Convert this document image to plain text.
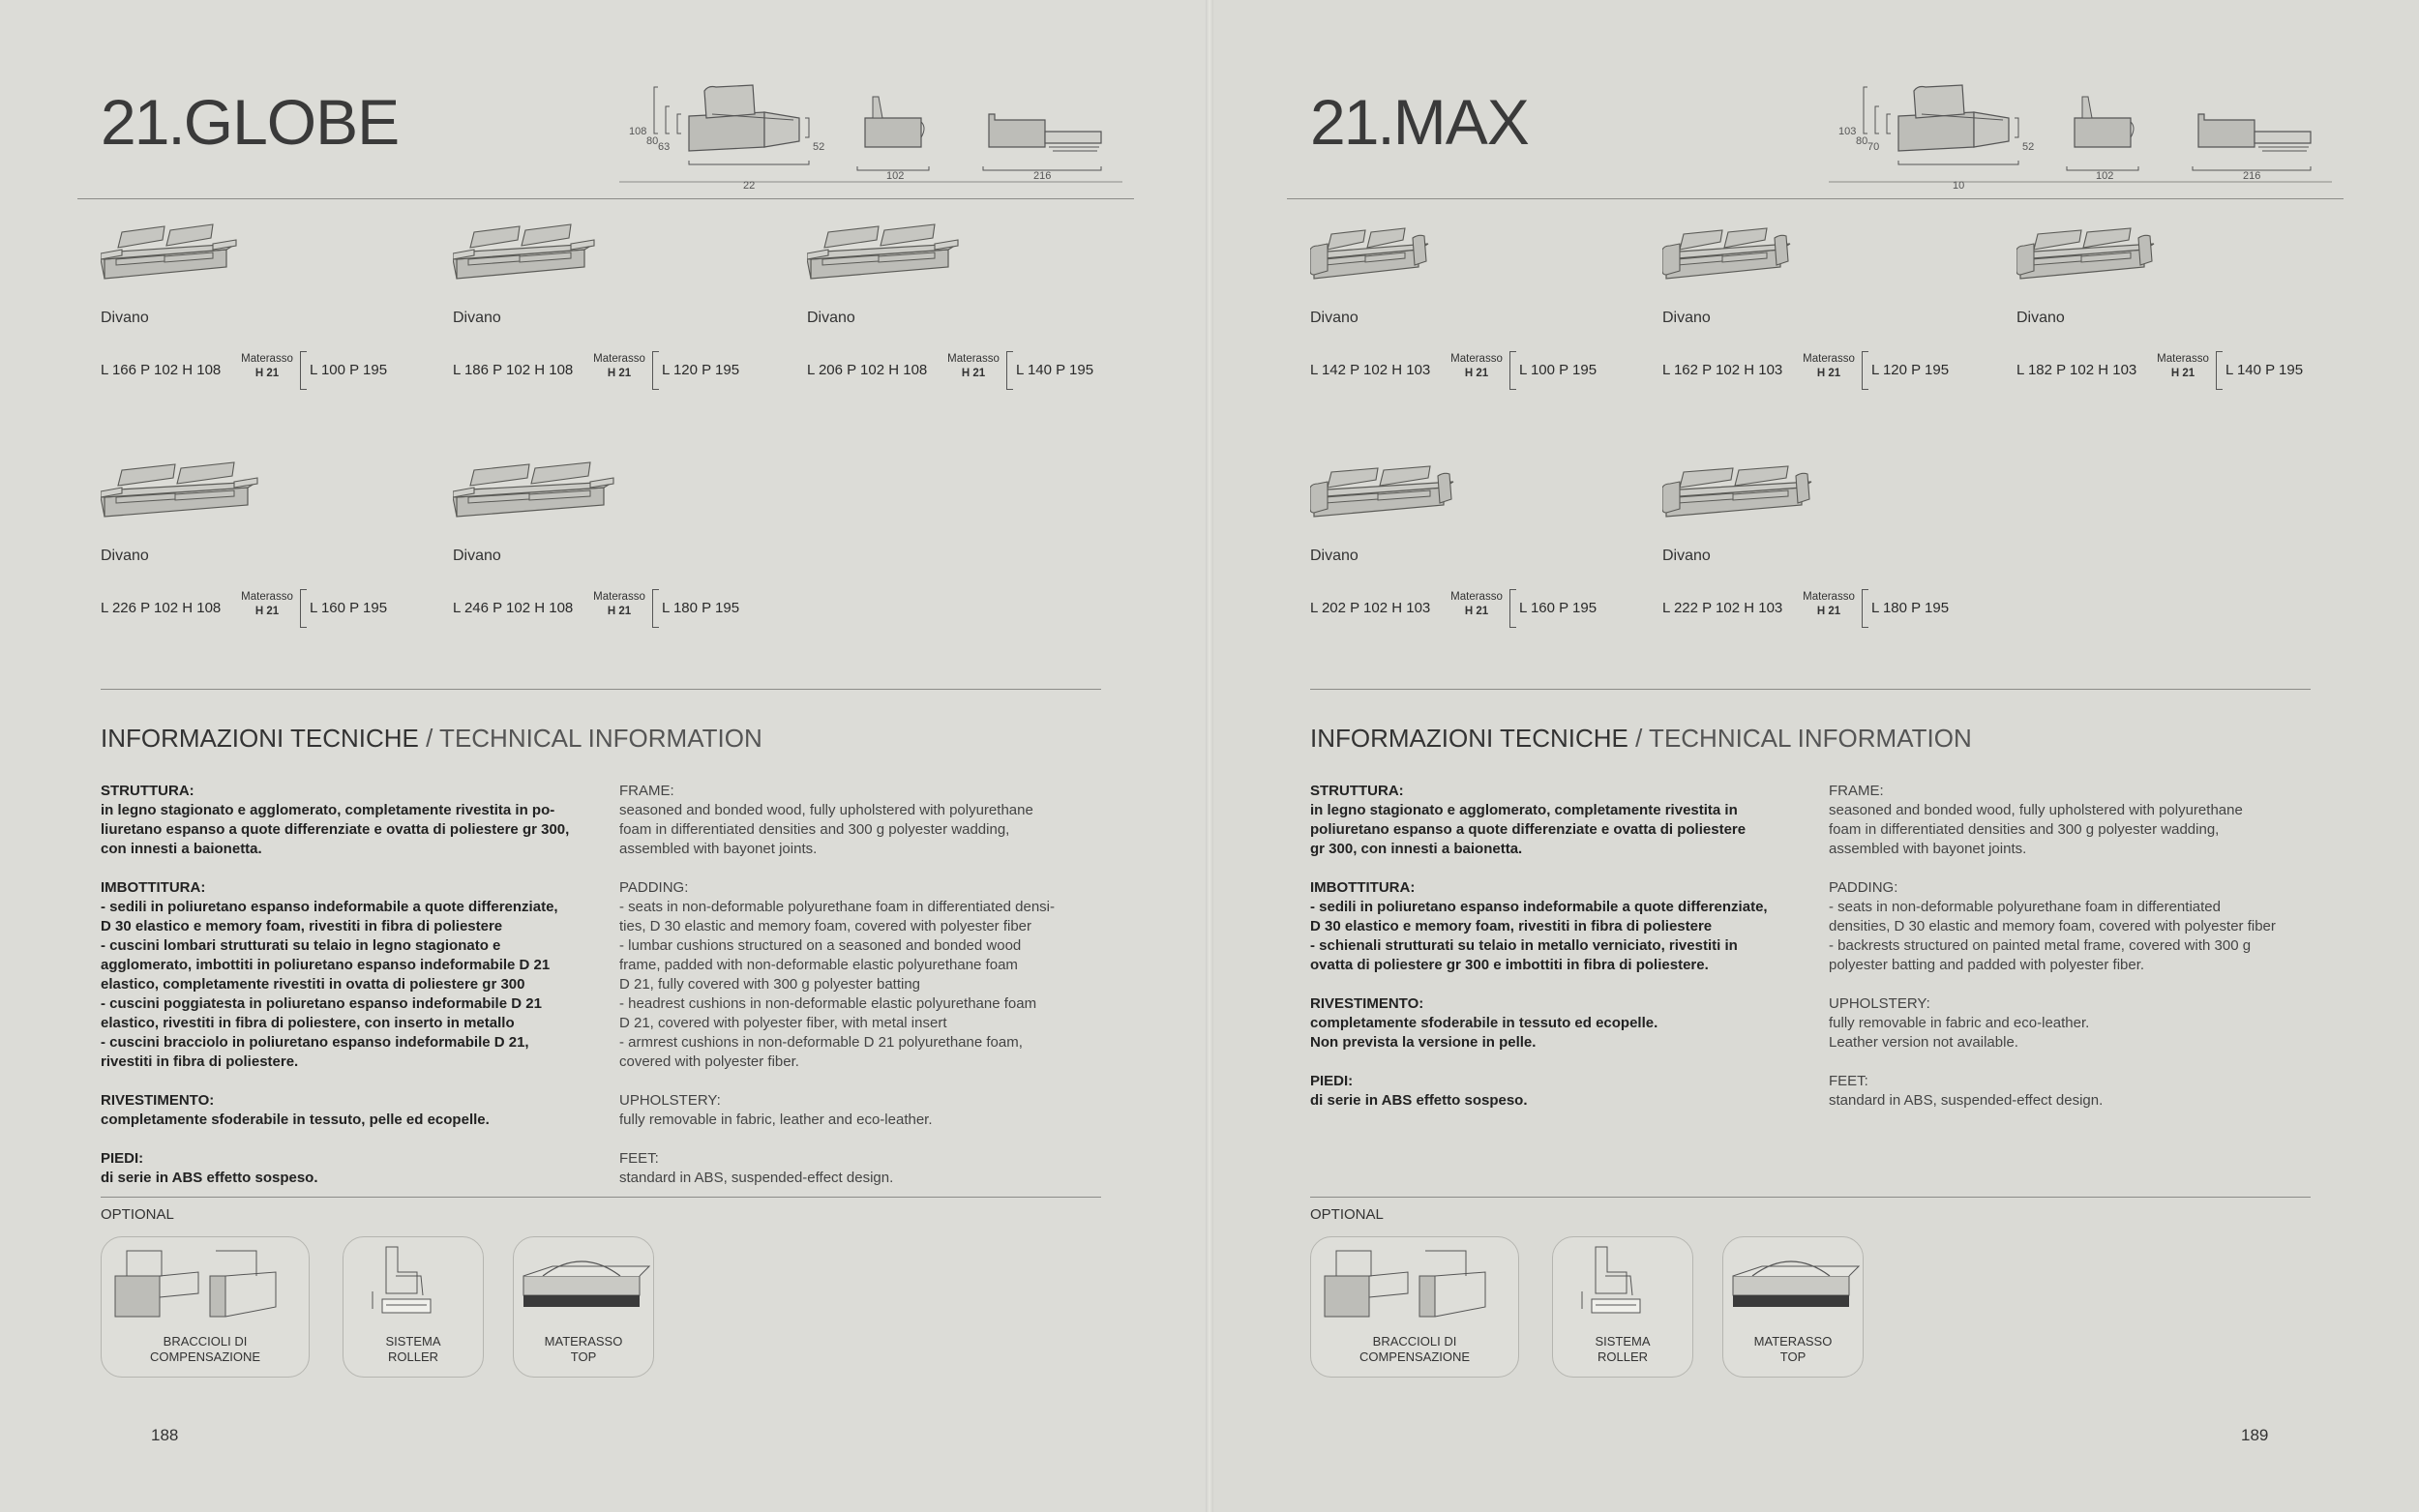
21.GLOBE	108
80 63	52
22
102	216
Divano
L 166 P 102 H 108
Materasso
H 21	L 100 P 195
Divano
L 186 P 102 H 108
Materasso
H 21	L 120 P 195
Divano
L 206 P 102 H 108
Materasso
H 21	L 140 P 195
Divano
L 226 P 102 H 108
Materasso
H 21	L 160 P 195
Divano
L 246 P 102 H 108
Materasso
H 21	L 180 P 195
INFORMAZIONI TECNICHE / TECHNICAL INFORMATION
STRUTTURA:
in legno stagionato e agglomerato, completamente rivestita in po-
liuretano espanso a quote differenziate e ovatta di poliestere gr 300,
con innesti a baionetta.
IMBOTTITURA:
- sedili in poliuretano espanso indeformabile a quote differenziate,
D 30 elastico e memory foam, rivestiti in fibra di poliestere
- cuscini lombari strutturati su telaio in legno stagionato e
agglomerato, imbottiti in poliuretano espanso indeformabile D 21
elastico, completamente rivestiti in ovatta di poliestere gr 300
- cuscini poggiatesta in poliuretano espanso indeformabile D 21
elastico, rivestiti in fibra di poliestere, con inserto in metallo
- cuscini bracciolo in poliuretano espanso indeformabile D 21,
rivestiti in fibra di poliestere.
RIVESTIMENTO:
completamente sfoderabile in tessuto, pelle ed ecopelle.
PIEDI:
di serie in ABS effetto sospeso.
FRAME:
seasoned and bonded wood, fully upholstered with polyurethane
foam in differentiated densities and 300 g polyester wadding,
assembled with bayonet joints.
PADDING:
- seats in non-deformable polyurethane foam in differentiated densi-
ties, D 30 elastic and memory foam, covered with polyester fiber
- lumbar cushions structured on a seasoned and bonded wood
frame, padded with non-deformable elastic polyurethane foam
D 21, fully covered with 300 g polyester batting
- headrest cushions in non-deformable elastic polyurethane foam
D 21, covered with polyester fiber, with metal insert
- armrest cushions in non-deformable D 21 polyurethane foam,
covered with polyester fiber.
UPHOLSTERY:
fully removable in fabric, leather and eco-leather.
FEET:
standard in ABS, suspended-effect design.
OPTIONAL
BRACCIOLI DI
COMPENSAZIONE
SISTEMA
ROLLER
MATERASSO
TOP
188
21.MAX	103
80 70	52
10
102	216
Divano
L 142 P 102 H 103
Materasso
H 21	L 100 P 195
Divano
L 162 P 102 H 103
Materasso
H 21	L 120 P 195
Divano
L 182 P 102 H 103
Materasso
H 21	L 140 P 195
Divano
L 202 P 102 H 103
Materasso
H 21	L 160 P 195
Divano
L 222 P 102 H 103
Materasso
H 21	L 180 P 195
INFORMAZIONI TECNICHE / TECHNICAL INFORMATION
STRUTTURA:
in legno stagionato e agglomerato, completamente rivestita in
poliuretano espanso a quote differenziate e ovatta di poliestere
gr 300, con innesti a baionetta.
IMBOTTITURA:
- sedili in poliuretano espanso indeformabile a quote differenziate,
D 30 elastico e memory foam, rivestiti in fibra di poliestere
- schienali strutturati su telaio in metallo verniciato, rivestiti in
ovatta di poliestere gr 300 e imbottiti in fibra di poliestere.
RIVESTIMENTO:
completamente sfoderabile in tessuto ed ecopelle.
Non prevista la versione in pelle.
PIEDI:
di serie in ABS effetto sospeso.
FRAME:
seasoned and bonded wood, fully upholstered with polyurethane
foam in differentiated densities and 300 g polyester wadding,
assembled with bayonet joints.
PADDING:
- seats in non-deformable polyurethane foam in differentiated
densities, D 30 elastic and memory foam, covered with polyester fiber
- backrests structured on painted metal frame, covered with 300 g
polyester batting and padded with polyester fiber.
UPHOLSTERY:
fully removable in fabric and eco-leather.
Leather version not available.
FEET:
standard in ABS, suspended-effect design.
OPTIONAL
BRACCIOLI DI
COMPENSAZIONE
SISTEMA
ROLLER
MATERASSO
TOP
189
